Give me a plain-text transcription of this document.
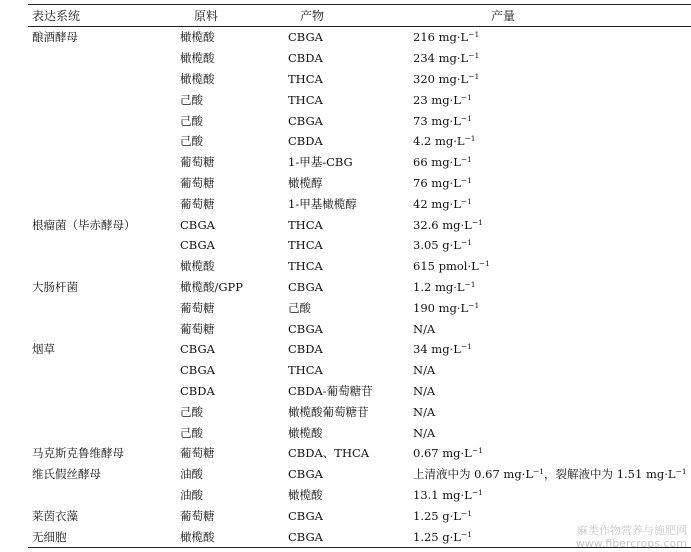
表达系统	原料	产物	产量
酿酒酵母	橄榄酸	CBGA	216 $mg\cdot L^{-1}$
	橄榄酸	CBDA	234 $mg\cdot L^{-1}$
	橄榄酸	THCA	320 $mg\cdot L^{-1}$
	己酸	THCA	23 $mg\cdot L^{-1}$
	己酸	CBGA	73 $mg\cdot L^{-1}$
	己酸	CBDA	4.2 $mg\cdot L^{-1}$
	葡萄糖	1-甲基-CBG	66 $mg\cdot L^{-1}$
	葡萄糖	橄榄醇	76 $mg\cdot L^{-1}$
	葡萄糖	1-甲基橄榄醇	42 $mg\cdot L^{-1}$
根瘤菌（毕赤酵母）	CBGA	THCA	32.6 $mg\cdot L^{-1}$
	CBGA	THCA	3.05 $g\cdot L^{-1}$
	橄榄酸	THCA	615 $pmol\cdot L^{-1}$
大肠杆菌	橄榄酸/GPP	CBGA	1.2 $mg\cdot L^{-1}$
	葡萄糖	己酸	190 $mg\cdot L^{-1}$
	葡萄糖	CBGA	N/A
烟草	CBGA	CBDA	34 $mg\cdot L^{-1}$
	CBGA	THCA	N/A
	CBDA	CBDA-葡萄糖苷	N/A
	己酸	橄榄酸葡萄糖苷	N/A
	己酸	橄榄酸	N/A
马克斯克鲁维酵母	葡萄糖	CBDA、THCA	0.67 $mg\cdot L^{-1}$
维氏假丝酵母	油酸	CBGA	上清液中为 0.67 $mg\cdot L^{-1}$，裂解液中为 1.51 $mg\cdot L^{-1}$
	油酸	橄榄酸	13.1 $mg\cdot L^{-1}$
莱茵衣藻	葡萄糖	CBGA	1.25 $g\cdot L^{-1}$
无细胞	橄榄酸	CBGA	1.25 $g\cdot L^{-1}$	麻类作物营养与施肥网
www.fibercrops.com
